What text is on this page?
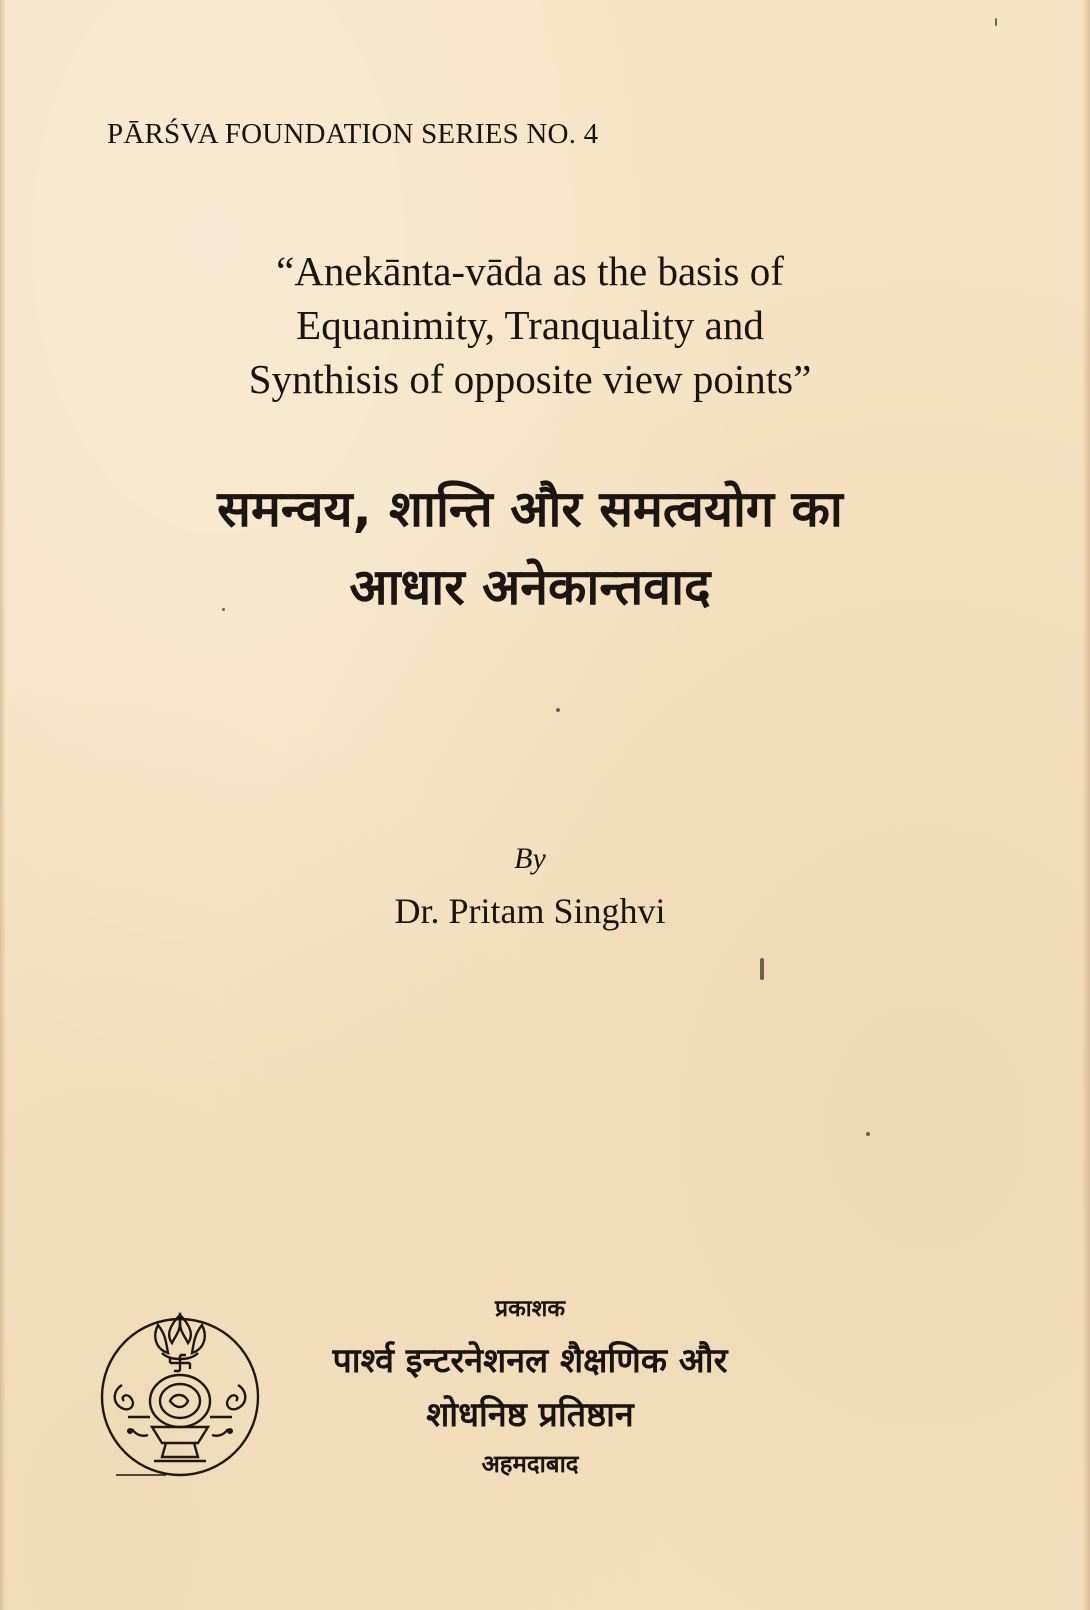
PĀRŚVA FOUNDATION SERIES NO. 4
“Anekānta-vāda as the basis of
Equanimity, Tranquality and
Synthisis of opposite view points”
समन्वय, शान्ति और समत्वयोग का
आधार अनेकान्तवाद
By
Dr. Pritam Singhvi
प्रकाशक
पार्श्व इन्टरनेशनल शैक्षणिक और
शोधनिष्ठ प्रतिष्ठान
अहमदाबाद
